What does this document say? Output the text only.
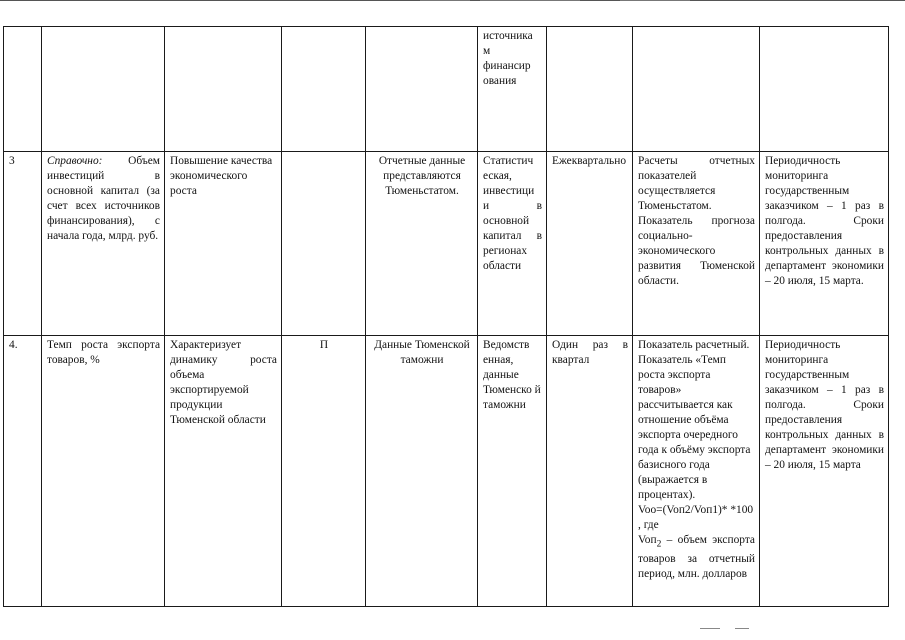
					источника
м
финансир
ования			
3	Справочно: Объем инвестиций в основной капитал (за счет всех источников финансирования), с начала года, млрд. руб.	Повышение качества экономического роста		Отчетные данные представляются Тюменьстатом.	Статистич еская, инвестици и в основной капитал в регионах области	Ежеквартально	Расчеты отчетных показателей осуществляется Тюменьстатом. Показатель прогноза социально-экономического развития Тюменской области.	Периодичность мониторинга государственным заказчиком – 1 раз в полгода. Сроки предоставления контрольных данных в департамент экономики – 20 июля, 15 марта.
4.	Темп роста экспорта товаров, %	Характеризует динамику роста объема экспортируемой продукции Тюменской области	П	Данные Тюменской таможни	Ведомств енная, данные Тюменско й таможни	Один раз в квартал	Показатель расчетный. Показатель «Темп роста экспорта товаров» рассчитывается как отношение объёма экспорта очередного года к объёму экспорта базисного года (выражается в процентах).
Voo=(Voп2/Voп1)* *100 , где

Voп$_2$ – объем экспорта товаров за отчетный период, млн. долларов	Периодичность мониторинга государственным заказчиком – 1 раз в полгода. Сроки предоставления контрольных данных в департамент экономики – 20 июля, 15 марта
